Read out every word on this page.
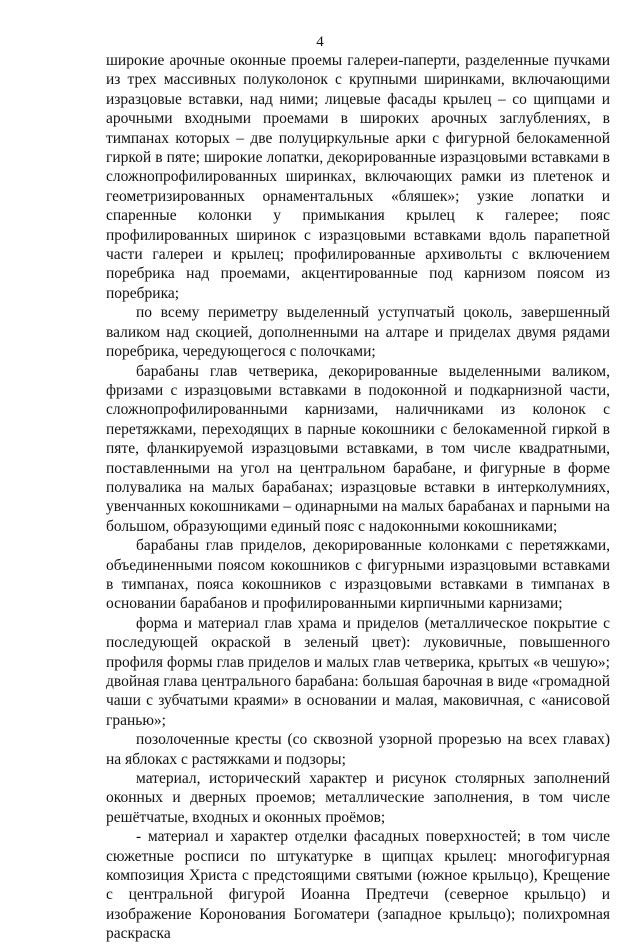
4

широкие арочные оконные проемы галереи-паперти, разделенные пучками из трех массивных полуколонок с крупными ширинками, включающими изразцовые вставки, над ними; лицевые фасады крылец – со щипцами и арочными входными проемами в широких арочных заглублениях, в тимпанах которых – две полуциркульные арки с фигурной белокаменной гиркой в пяте; широкие лопатки, декорированные изразцовыми вставками в сложнопрофилированных ширинках, включающих рамки из плетенок и геометризированных орнаментальных «бляшек»; узкие лопатки и спаренные колонки у примыкания крылец к галерее; пояс профилированных ширинок с изразцовыми вставками вдоль парапетной части галереи и крылец; профилированные архивольты с включением поребрика над проемами, акцентированные под карнизом поясом из поребрика;

по всему периметру выделенный уступчатый цоколь, завершенный валиком над скоцией, дополненными на алтаре и приделах двумя рядами поребрика, чередующегося с полочками;

барабаны глав четверика, декорированные выделенными валиком, фризами с изразцовыми вставками в подоконной и подкарнизной части, сложнопрофилированными карнизами, наличниками из колонок с перетяжками, переходящих в парные кокошники с белокаменной гиркой в пяте, фланкируемой изразцовыми вставками, в том числе квадратными, поставленными на угол на центральном барабане, и фигурные в форме полувалика на малых барабанах; изразцовые вставки в интерколумниях, увенчанных кокошниками – одинарными на малых барабанах и парными на большом, образующими единый пояс с надоконными кокошниками;

барабаны глав приделов, декорированные колонками с перетяжками, объединенными поясом кокошников с фигурными изразцовыми вставками в тимпанах, пояса кокошников с изразцовыми вставками в тимпанах в основании барабанов и профилированными кирпичными карнизами;

форма и материал глав храма и приделов (металлическое покрытие с последующей окраской в зеленый цвет): луковичные, повышенного профиля формы глав приделов и малых глав четверика, крытых «в чешую»; двойная глава центрального барабана: большая барочная в виде «громадной чаши с зубчатыми краями» в основании и малая, маковичная, с «анисовой гранью»;

позолоченные кресты (со сквозной узорной прорезью на всех главах) на яблоках с растяжками и подзоры;

материал, исторический характер и рисунок столярных заполнений оконных и дверных проемов; металлические заполнения, в том числе решётчатые, входных и оконных проёмов;

- материал и характер отделки фасадных поверхностей; в том числе сюжетные росписи по штукатурке в щипцах крылец: многофигурная композиция Христа с предстоящими святыми (южное крыльцо), Крещение с центральной фигурой Иоанна Предтечи (северное крыльцо) и изображение Коронования Богоматери (западное крыльцо); полихромная раскраска
